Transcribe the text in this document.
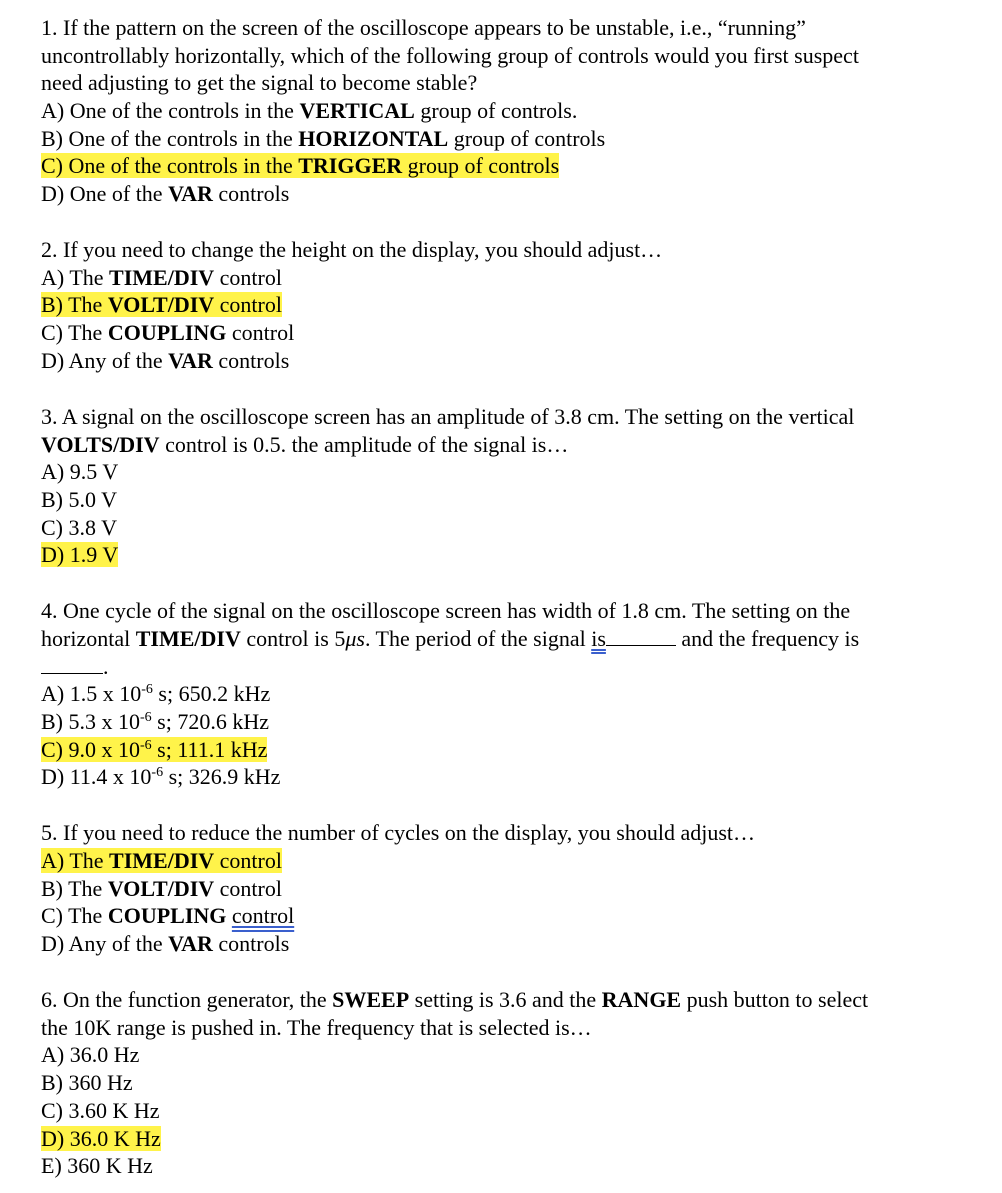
1. If the pattern on the screen of the oscilloscope appears to be unstable, i.e., “running”
uncontrollably horizontally, which of the following group of controls would you first suspect
need adjusting to get the signal to become stable?
A) One of the controls in the VERTICAL group of controls.
B) One of the controls in the HORIZONTAL group of controls
C) One of the controls in the TRIGGER group of controls
D) One of the VAR controls
2. If you need to change the height on the display, you should adjust…
A) The TIME/DIV control
B) The VOLT/DIV control
C) The COUPLING control
D) Any of the VAR controls
3. A signal on the oscilloscope screen has an amplitude of 3.8 cm. The setting on the vertical
VOLTS/DIV control is 0.5. the amplitude of the signal is…
A) 9.5 V
B) 5.0 V
C) 3.8 V
D) 1.9 V
4. One cycle of the signal on the oscilloscope screen has width of 1.8 cm. The setting on the
horizontal TIME/DIV control is 5μs. The period of the signal is	and the frequency is
.
A) 1.5 x $10^{-6}$ s; 650.2 kHz
B) 5.3 x $10^{-6}$ s; 720.6 kHz
C) 9.0 x $10^{-6}$ s; 111.1 kHz
D) 11.4 x $10^{-6}$ s; 326.9 kHz
5. If you need to reduce the number of cycles on the display, you should adjust…
A) The TIME/DIV control
B) The VOLT/DIV control
C) The COUPLING control
D) Any of the VAR controls
6. On the function generator, the SWEEP setting is 3.6 and the RANGE push button to select
the 10K range is pushed in. The frequency that is selected is…
A) 36.0 Hz
B) 360 Hz
C) 3.60 K Hz
D) 36.0 K Hz
E) 360 K Hz
